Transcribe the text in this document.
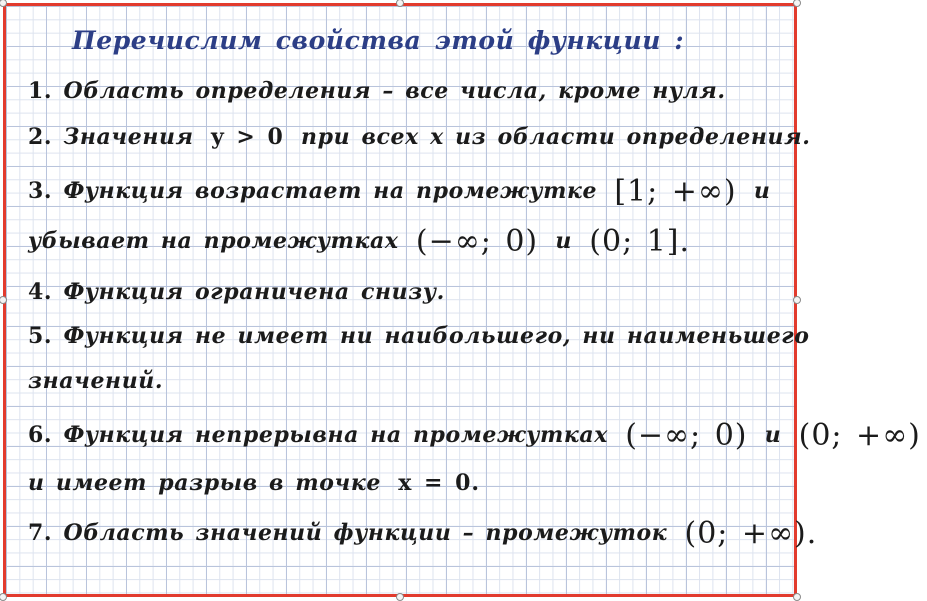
Перечислим свойства этой функции :
1. Область определения – все числа, кроме нуля.
2. Значения y > 0 при всех x из области определения.
3. Функция возрастает на промежутке [1; +∞) и
убывает на промежутках (−∞; 0) и (0; 1].
4. Функция ограничена снизу.
5. Функция не имеет ни наибольшего, ни наименьшего
значений.
6. Функция непрерывна на промежутках (−∞; 0) и (0; +∞)
и имеет разрыв в точке x = 0.
7. Область значений функции – промежуток (0; +∞).
